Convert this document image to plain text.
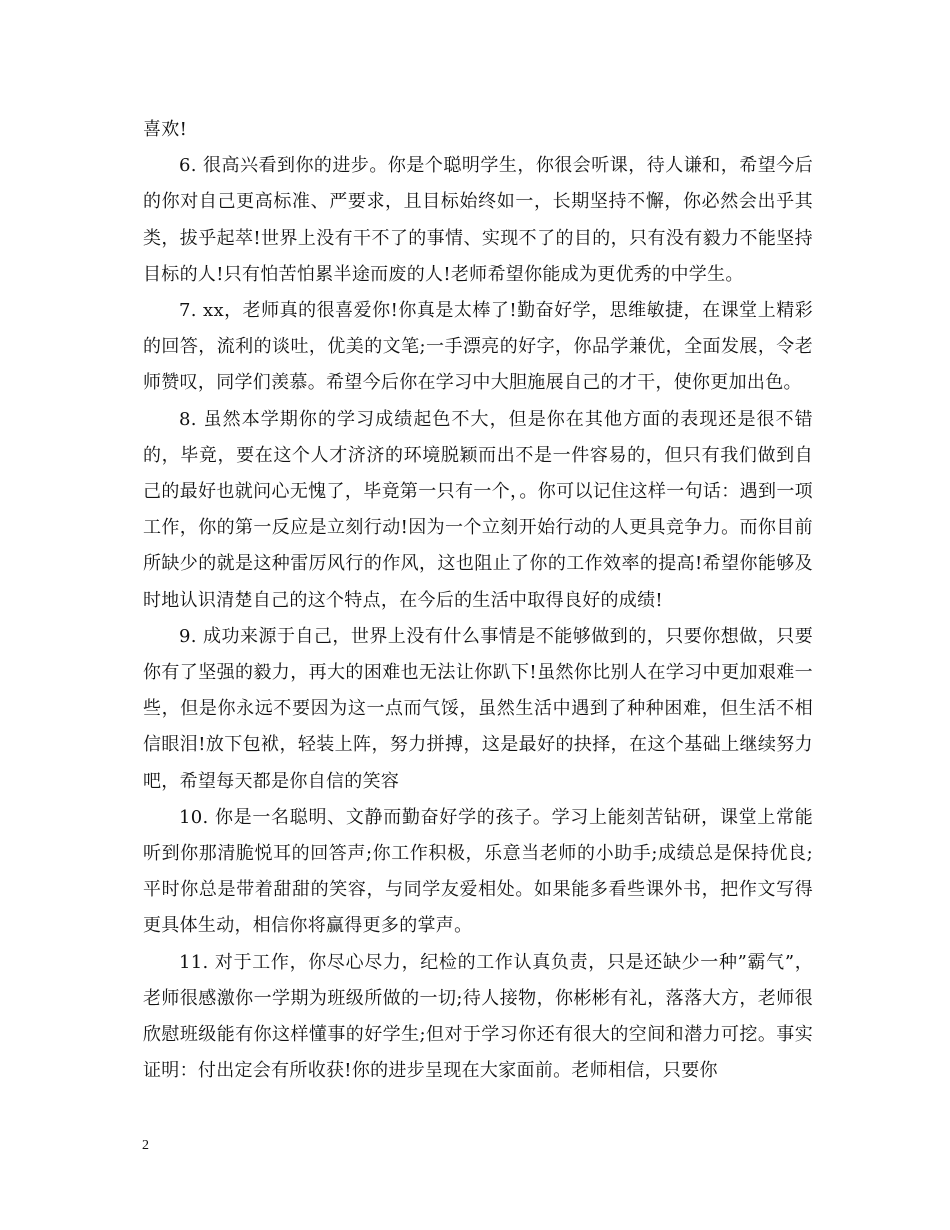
喜欢!

6. 很高兴看到你的进步。你是个聪明学生，你很会听课，待人谦和，希望今后的你对自己更高标准、严要求，且目标始终如一，长期坚持不懈，你必然会出乎其类，拔乎起萃!世界上没有干不了的事情、实现不了的目的，只有没有毅力不能坚持目标的人!只有怕苦怕累半途而废的人!老师希望你能成为更优秀的中学生。

7. xx，老师真的很喜爱你!你真是太棒了!勤奋好学，思维敏捷，在课堂上精彩的回答，流利的谈吐，优美的文笔;一手漂亮的好字，你品学兼优，全面发展，令老师赞叹，同学们羡慕。希望今后你在学习中大胆施展自己的才干，使你更加出色。

8. 虽然本学期你的学习成绩起色不大，但是你在其他方面的表现还是很不错的，毕竟，要在这个人才济济的环境脱颖而出不是一件容易的，但只有我们做到自己的最好也就问心无愧了，毕竟第一只有一个，。你可以记住这样一句话：遇到一项工作，你的第一反应是立刻行动!因为一个立刻开始行动的人更具竞争力。而你目前所缺少的就是这种雷厉风行的作风，这也阻止了你的工作效率的提高!希望你能够及时地认识清楚自己的这个特点，在今后的生活中取得良好的成绩!

9. 成功来源于自己，世界上没有什么事情是不能够做到的，只要你想做，只要你有了坚强的毅力，再大的困难也无法让你趴下!虽然你比别人在学习中更加艰难一些，但是你永远不要因为这一点而气馁，虽然生活中遇到了种种困难，但生活不相信眼泪!放下包袱，轻装上阵，努力拼搏，这是最好的抉择，在这个基础上继续努力吧，希望每天都是你自信的笑容

10. 你是一名聪明、文静而勤奋好学的孩子。学习上能刻苦钻研，课堂上常能听到你那清脆悦耳的回答声;你工作积极，乐意当老师的小助手;成绩总是保持优良;平时你总是带着甜甜的笑容，与同学友爱相处。如果能多看些课外书，把作文写得更具体生动，相信你将赢得更多的掌声。

11. 对于工作，你尽心尽力，纪检的工作认真负责，只是还缺少一种”霸气”，老师很感激你一学期为班级所做的一切;待人接物，你彬彬有礼，落落大方，老师很欣慰班级能有你这样懂事的好学生;但对于学习你还有很大的空间和潜力可挖。事实证明：付出定会有所收获!你的进步呈现在大家面前。老师相信，只要你

2
